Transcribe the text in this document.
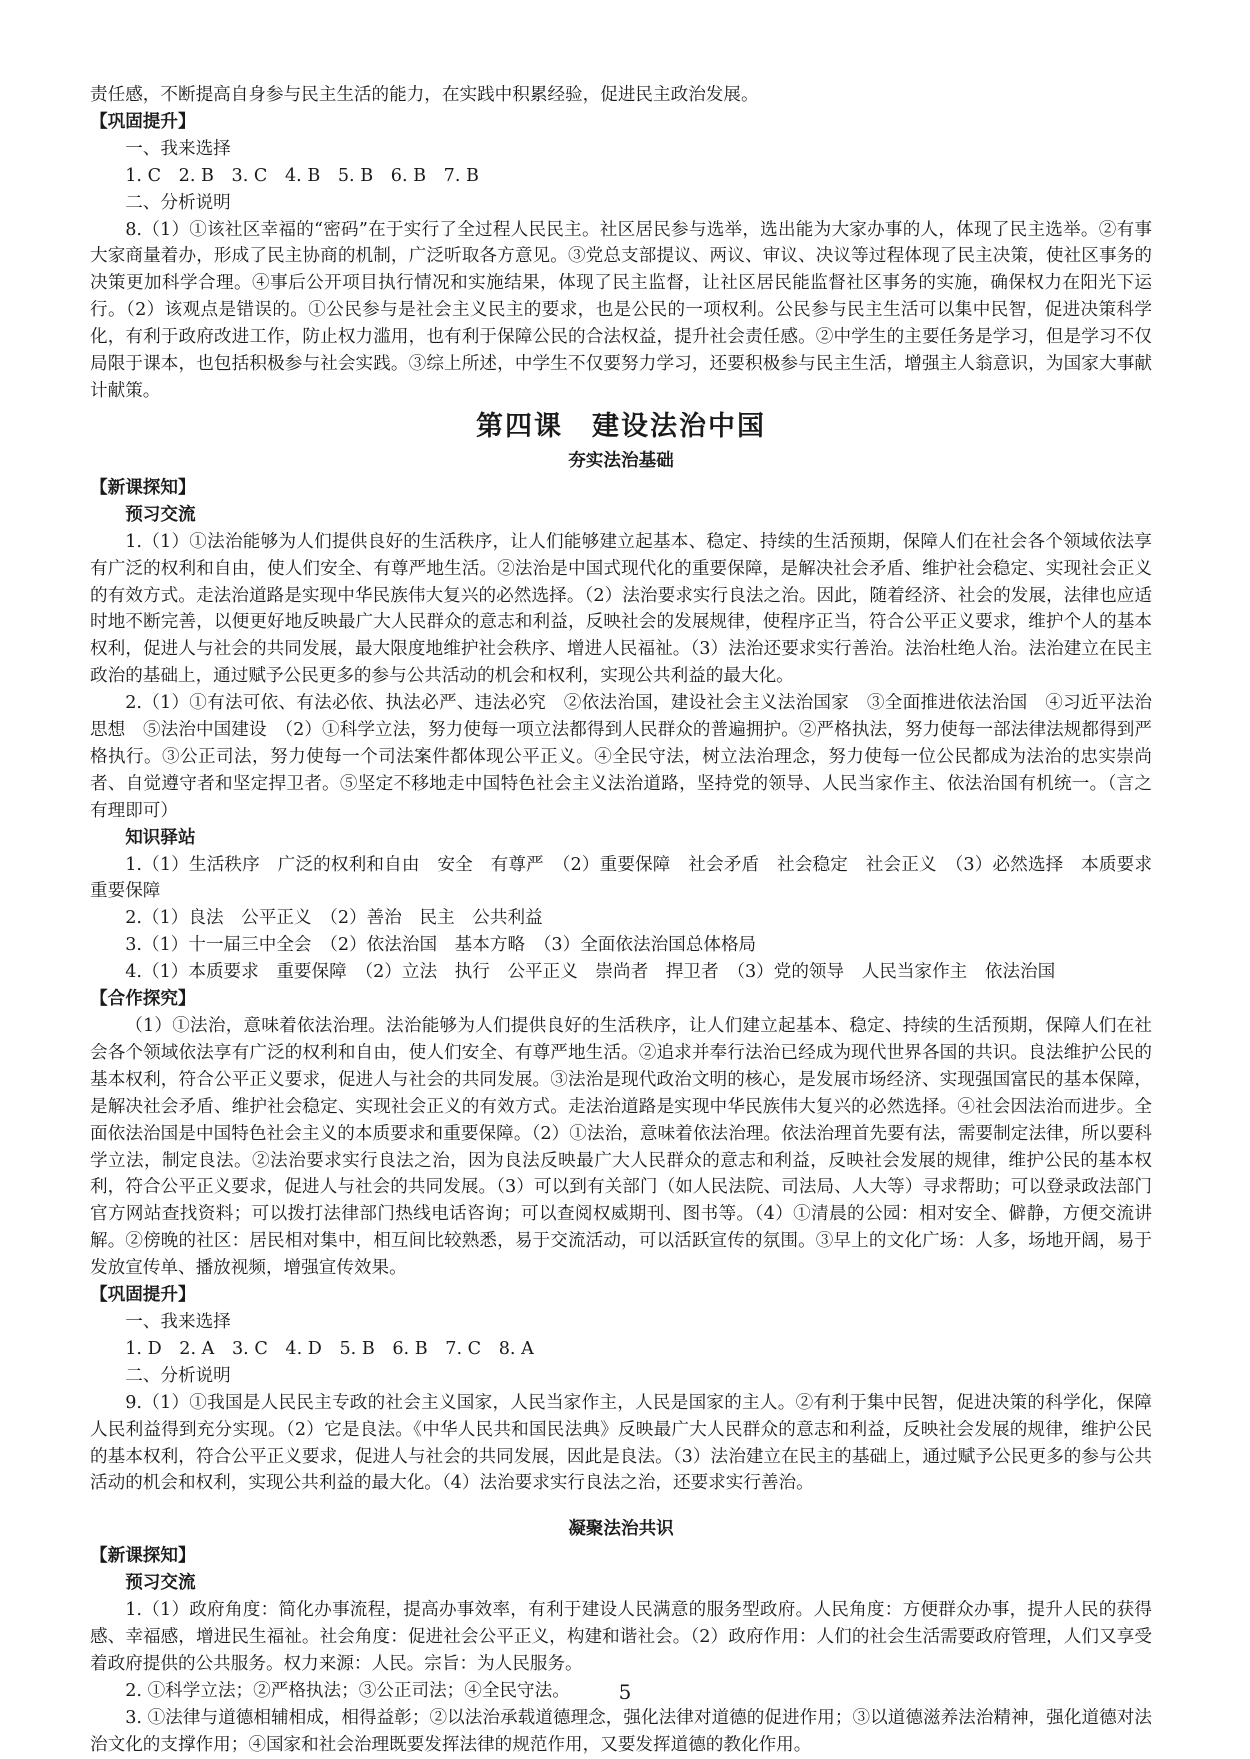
责任感，不断提高自身参与民主生活的能力，在实践中积累经验，促进民主政治发展。

【巩固提升】

一、我来选择

1. C　2. B　3. C　4. B　5. B　6. B　7. B

二、分析说明

8.（1）①该社区幸福的“密码”在于实行了全过程人民民主。社区居民参与选举，选出能为大家办事的人，体现了民主选举。②有事大家商量着办，形成了民主协商的机制，广泛听取各方意见。③党总支部提议、两议、审议、决议等过程体现了民主决策，使社区事务的决策更加科学合理。④事后公开项目执行情况和实施结果，体现了民主监督，让社区居民能监督社区事务的实施，确保权力在阳光下运行。（2）该观点是错误的。①公民参与是社会主义民主的要求，也是公民的一项权利。公民参与民主生活可以集中民智，促进决策科学化，有利于政府改进工作，防止权力滥用，也有利于保障公民的合法权益，提升社会责任感。②中学生的主要任务是学习，但是学习不仅局限于课本，也包括积极参与社会实践。③综上所述，中学生不仅要努力学习，还要积极参与民主生活，增强主人翁意识，为国家大事献计献策。

第四课　建设法治中国
夯实法治基础

【新课探知】

预习交流

1.（1）①法治能够为人们提供良好的生活秩序，让人们能够建立起基本、稳定、持续的生活预期，保障人们在社会各个领域依法享有广泛的权利和自由，使人们安全、有尊严地生活。②法治是中国式现代化的重要保障，是解决社会矛盾、维护社会稳定、实现社会正义的有效方式。走法治道路是实现中华民族伟大复兴的必然选择。（2）法治要求实行良法之治。因此，随着经济、社会的发展，法律也应适时地不断完善，以便更好地反映最广大人民群众的意志和利益，反映社会的发展规律，使程序正当，符合公平正义要求，维护个人的基本权利，促进人与社会的共同发展，最大限度地维护社会秩序、增进人民福祉。（3）法治还要求实行善治。法治杜绝人治。法治建立在民主政治的基础上，通过赋予公民更多的参与公共活动的机会和权利，实现公共利益的最大化。

2.（1）①有法可依、有法必依、执法必严、违法必究　②依法治国，建设社会主义法治国家　③全面推进依法治国　④习近平法治思想　⑤法治中国建设　（2）①科学立法，努力使每一项立法都得到人民群众的普遍拥护。②严格执法，努力使每一部法律法规都得到严格执行。③公正司法，努力使每一个司法案件都体现公平正义。④全民守法，树立法治理念，努力使每一位公民都成为法治的忠实崇尚者、自觉遵守者和坚定捍卫者。⑤坚定不移地走中国特色社会主义法治道路，坚持党的领导、人民当家作主、依法治国有机统一。（言之有理即可）

知识驿站

1.（1）生活秩序　广泛的权利和自由　安全　有尊严　（2）重要保障　社会矛盾　社会稳定　社会正义　（3）必然选择　本质要求　重要保障

2.（1）良法　公平正义　（2）善治　民主　公共利益

3.（1）十一届三中全会　（2）依法治国　基本方略　（3）全面依法治国总体格局

4.（1）本质要求　重要保障　（2）立法　执行　公平正义　崇尚者　捍卫者　（3）党的领导　人民当家作主　依法治国

【合作探究】

（1）①法治，意味着依法治理。法治能够为人们提供良好的生活秩序，让人们建立起基本、稳定、持续的生活预期，保障人们在社会各个领域依法享有广泛的权利和自由，使人们安全、有尊严地生活。②追求并奉行法治已经成为现代世界各国的共识。良法维护公民的基本权利，符合公平正义要求，促进人与社会的共同发展。③法治是现代政治文明的核心，是发展市场经济、实现强国富民的基本保障，是解决社会矛盾、维护社会稳定、实现社会正义的有效方式。走法治道路是实现中华民族伟大复兴的必然选择。④社会因法治而进步。全面依法治国是中国特色社会主义的本质要求和重要保障。（2）①法治，意味着依法治理。依法治理首先要有法，需要制定法律，所以要科学立法，制定良法。②法治要求实行良法之治，因为良法反映最广大人民群众的意志和利益，反映社会发展的规律，维护公民的基本权利，符合公平正义要求，促进人与社会的共同发展。（3）可以到有关部门（如人民法院、司法局、人大等）寻求帮助；可以登录政法部门官方网站查找资料；可以拨打法律部门热线电话咨询；可以查阅权威期刊、图书等。（4）①清晨的公园：相对安全、僻静，方便交流讲解。②傍晚的社区：居民相对集中，相互间比较熟悉，易于交流活动，可以活跃宣传的氛围。③早上的文化广场：人多，场地开阔，易于发放宣传单、播放视频，增强宣传效果。

【巩固提升】

一、我来选择

1. D　2. A　3. C　4. D　5. B　6. B　7. C　8. A

二、分析说明

9.（1）①我国是人民民主专政的社会主义国家，人民当家作主，人民是国家的主人。②有利于集中民智，促进决策的科学化，保障人民利益得到充分实现。（2）它是良法。《中华人民共和国民法典》反映最广大人民群众的意志和利益，反映社会发展的规律，维护公民的基本权利，符合公平正义要求，促进人与社会的共同发展，因此是良法。（3）法治建立在民主的基础上，通过赋予公民更多的参与公共活动的机会和权利，实现公共利益的最大化。（4）法治要求实行良法之治，还要求实行善治。

凝聚法治共识

【新课探知】

预习交流

1.（1）政府角度：简化办事流程，提高办事效率，有利于建设人民满意的服务型政府。人民角度：方便群众办事，提升人民的获得感、幸福感，增进民生福祉。社会角度：促进社会公平正义，构建和谐社会。（2）政府作用：人们的社会生活需要政府管理，人们又享受着政府提供的公共服务。权力来源：人民。宗旨：为人民服务。

2. ①科学立法；②严格执法；③公正司法；④全民守法。

3. ①法律与道德相辅相成，相得益彰；②以法治承载道德理念，强化法律对道德的促进作用；③以道德滋养法治精神，强化道德对法治文化的支撑作用；④国家和社会治理既要发挥法律的规范作用，又要发挥道德的教化作用。

5
